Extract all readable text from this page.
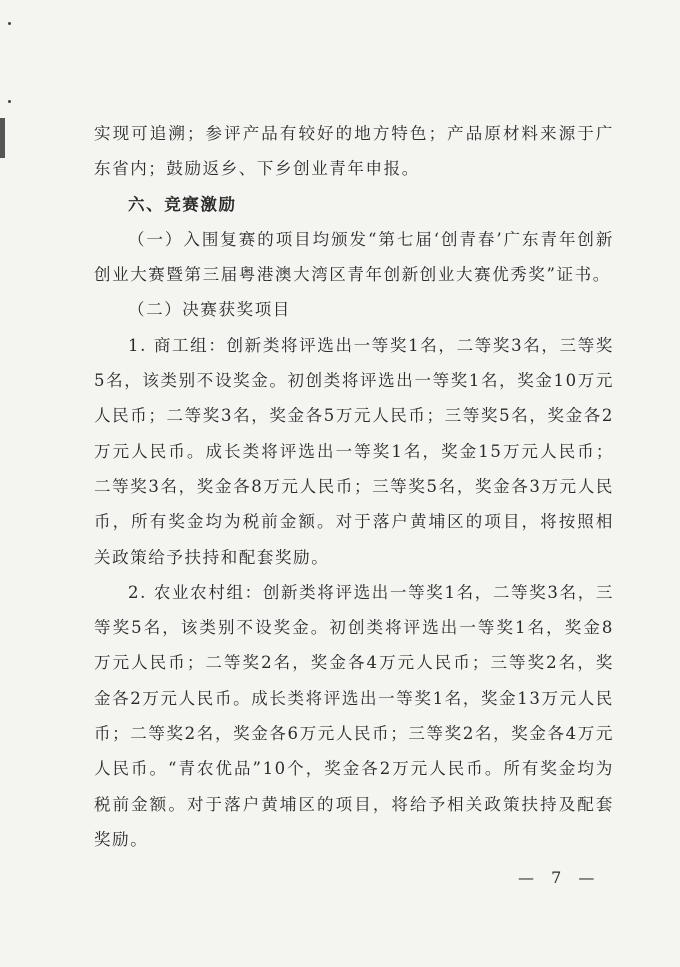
实现可追溯；参评产品有较好的地方特色；产品原材料来源于广东省内；鼓励返乡、下乡创业青年申报。

六、竞赛激励

（一）入围复赛的项目均颁发“第七届‘创青春’广东青年创新创业大赛暨第三届粤港澳大湾区青年创新创业大赛优秀奖”证书。

（二）决赛获奖项目

1. 商工组：创新类将评选出一等奖1名，二等奖3名，三等奖5名，该类别不设奖金。初创类将评选出一等奖1名，奖金10万元人民币；二等奖3名，奖金各5万元人民币；三等奖5名，奖金各2万元人民币。成长类将评选出一等奖1名，奖金15万元人民币；二等奖3名，奖金各8万元人民币；三等奖5名，奖金各3万元人民币，所有奖金均为税前金额。对于落户黄埔区的项目，将按照相关政策给予扶持和配套奖励。

2. 农业农村组：创新类将评选出一等奖1名，二等奖3名，三等奖5名，该类别不设奖金。初创类将评选出一等奖1名，奖金8万元人民币；二等奖2名，奖金各4万元人民币；三等奖2名，奖金各2万元人民币。成长类将评选出一等奖1名，奖金13万元人民币；二等奖2名，奖金各6万元人民币；三等奖2名，奖金各4万元人民币。“青农优品”10个，奖金各2万元人民币。所有奖金均为税前金额。对于落户黄埔区的项目，将给予相关政策扶持及配套奖励。

— 7 —
